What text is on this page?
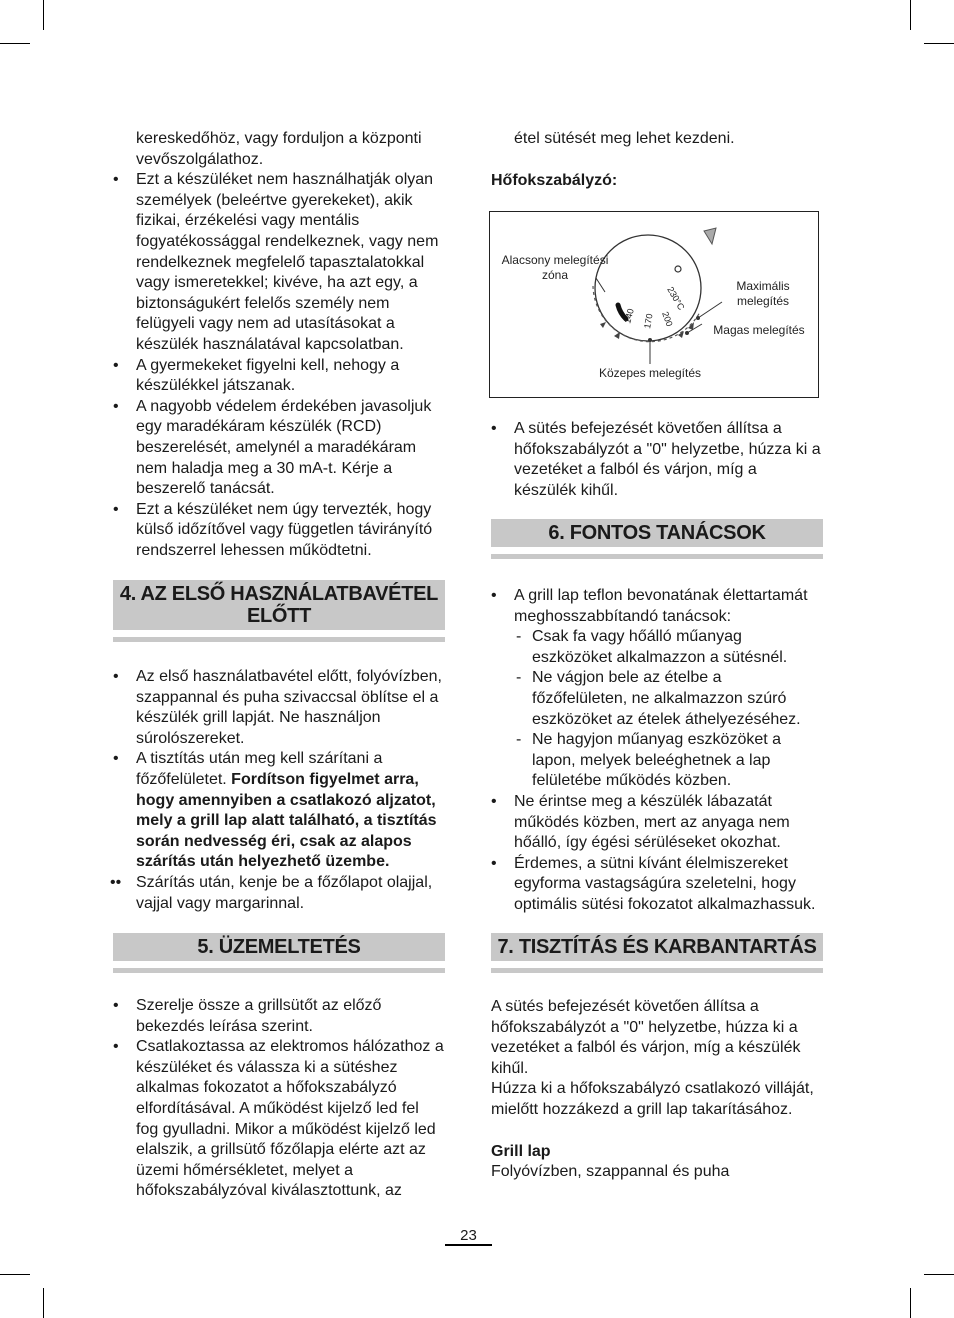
kereskedőhöz, vagy forduljon a központi vevőszolgálathoz.
• Ezt a készüléket nem használhatják olyan személyek (beleértve gyerekeket), akik fizikai, érzékelési vagy mentális fogyatékossággal rendelkeznek, vagy nem rendelkeznek megfelelő tapasztalatokkal vagy ismeretekkel; kivéve, ha azt egy, a biztonságukért felelős személy nem felügyeli vagy nem ad utasításokat a készülék használatával kapcsolatban.
• A gyermekeket figyelni kell, nehogy a készülékkel játszanak.
• A nagyobb védelem érdekében javasoljuk egy maradékáram készülék (RCD) beszerelését, amelynél a maradékáram nem haladja meg a 30 mA-t. Kérje a beszerelő tanácsát.
• Ezt a készüléket nem úgy tervezték, hogy külső időzítővel vagy független távirányító rendszerrel lehessen működtetni.
4. AZ ELSŐ HASZNÁLATBAVÉTEL ELŐTT
• Az első használatbavétel előtt, folyóvízben, szappannal és puha szivaccsal öblítse el a készülék grill lapját. Ne használjon súrolószereket.
• A tisztítás után meg kell szárítani a főzőfelületet. Fordítson figyelmet arra, hogy amennyiben a csatlakozó aljzatot, mely a grill lap alatt található, a tisztítás során nedvesség éri, csak az alapos szárítás után helyezhető üzembe.
•• Szárítás után, kenje be a főzőlapot olajjal, vajjal vagy margarinnal.
5. ÜZEMELTETÉS
• Szerelje össze a grillsütőt az előző bekezdés leírása szerint.
• Csatlakoztassa az elektromos hálózathoz a készüléket és válassza ki a sütéshez alkalmas fokozatot a hőfokszabályzó elfordításával. A működést kijelző led fel fog gyulladni. Mikor a működést kijelző led elalszik, a grillsütő főzőlapja elérte azt az üzemi hőmérsékletet, melyet a hőfokszabályzóval kiválasztottunk, az
étel sütését meg lehet kezdeni.
Hőfokszabályzó:
140 170 200
230°C
Alacsony melegítési zóna
Maximális melegítés
Magas melegítés
Közepes melegítés
• A sütés befejezését követően állítsa a hőfokszabályzót a "0" helyzetbe, húzza ki a vezetéket a falból és várjon, míg a készülék kihűl.
6. FONTOS TANÁCSOK
• A grill lap teflon bevonatának élettartamát meghosszabbítandó tanácsok:
- Csak fa vagy hőálló műanyag eszközöket alkalmazzon a sütésnél.
- Ne vágjon bele az ételbe a főzőfelületen, ne alkalmazzon szúró eszközöket az ételek áthelyezéséhez.
- Ne hagyjon műanyag eszközöket a lapon, melyek beleéghetnek a lap felületébe működés közben.
• Ne érintse meg a készülék lábazatát működés közben, mert az anyaga nem hőálló, így égési sérüléseket okozhat.
• Érdemes, a sütni kívánt élelmiszereket egyforma vastagságúra szeletelni, hogy optimális sütési fokozatot alkalmazhassuk.
7. TISZTÍTÁS ÉS KARBANTARTÁS
A sütés befejezését követően állítsa a hőfokszabályzót a "0" helyzetbe, húzza ki a vezetéket a falból és várjon, míg a készülék kihűl.
Húzza ki a hőfokszabályzó csatlakozó villáját, mielőtt hozzákezd a grill lap takarításához.
Grill lap
Folyóvízben, szappannal és puha
23
